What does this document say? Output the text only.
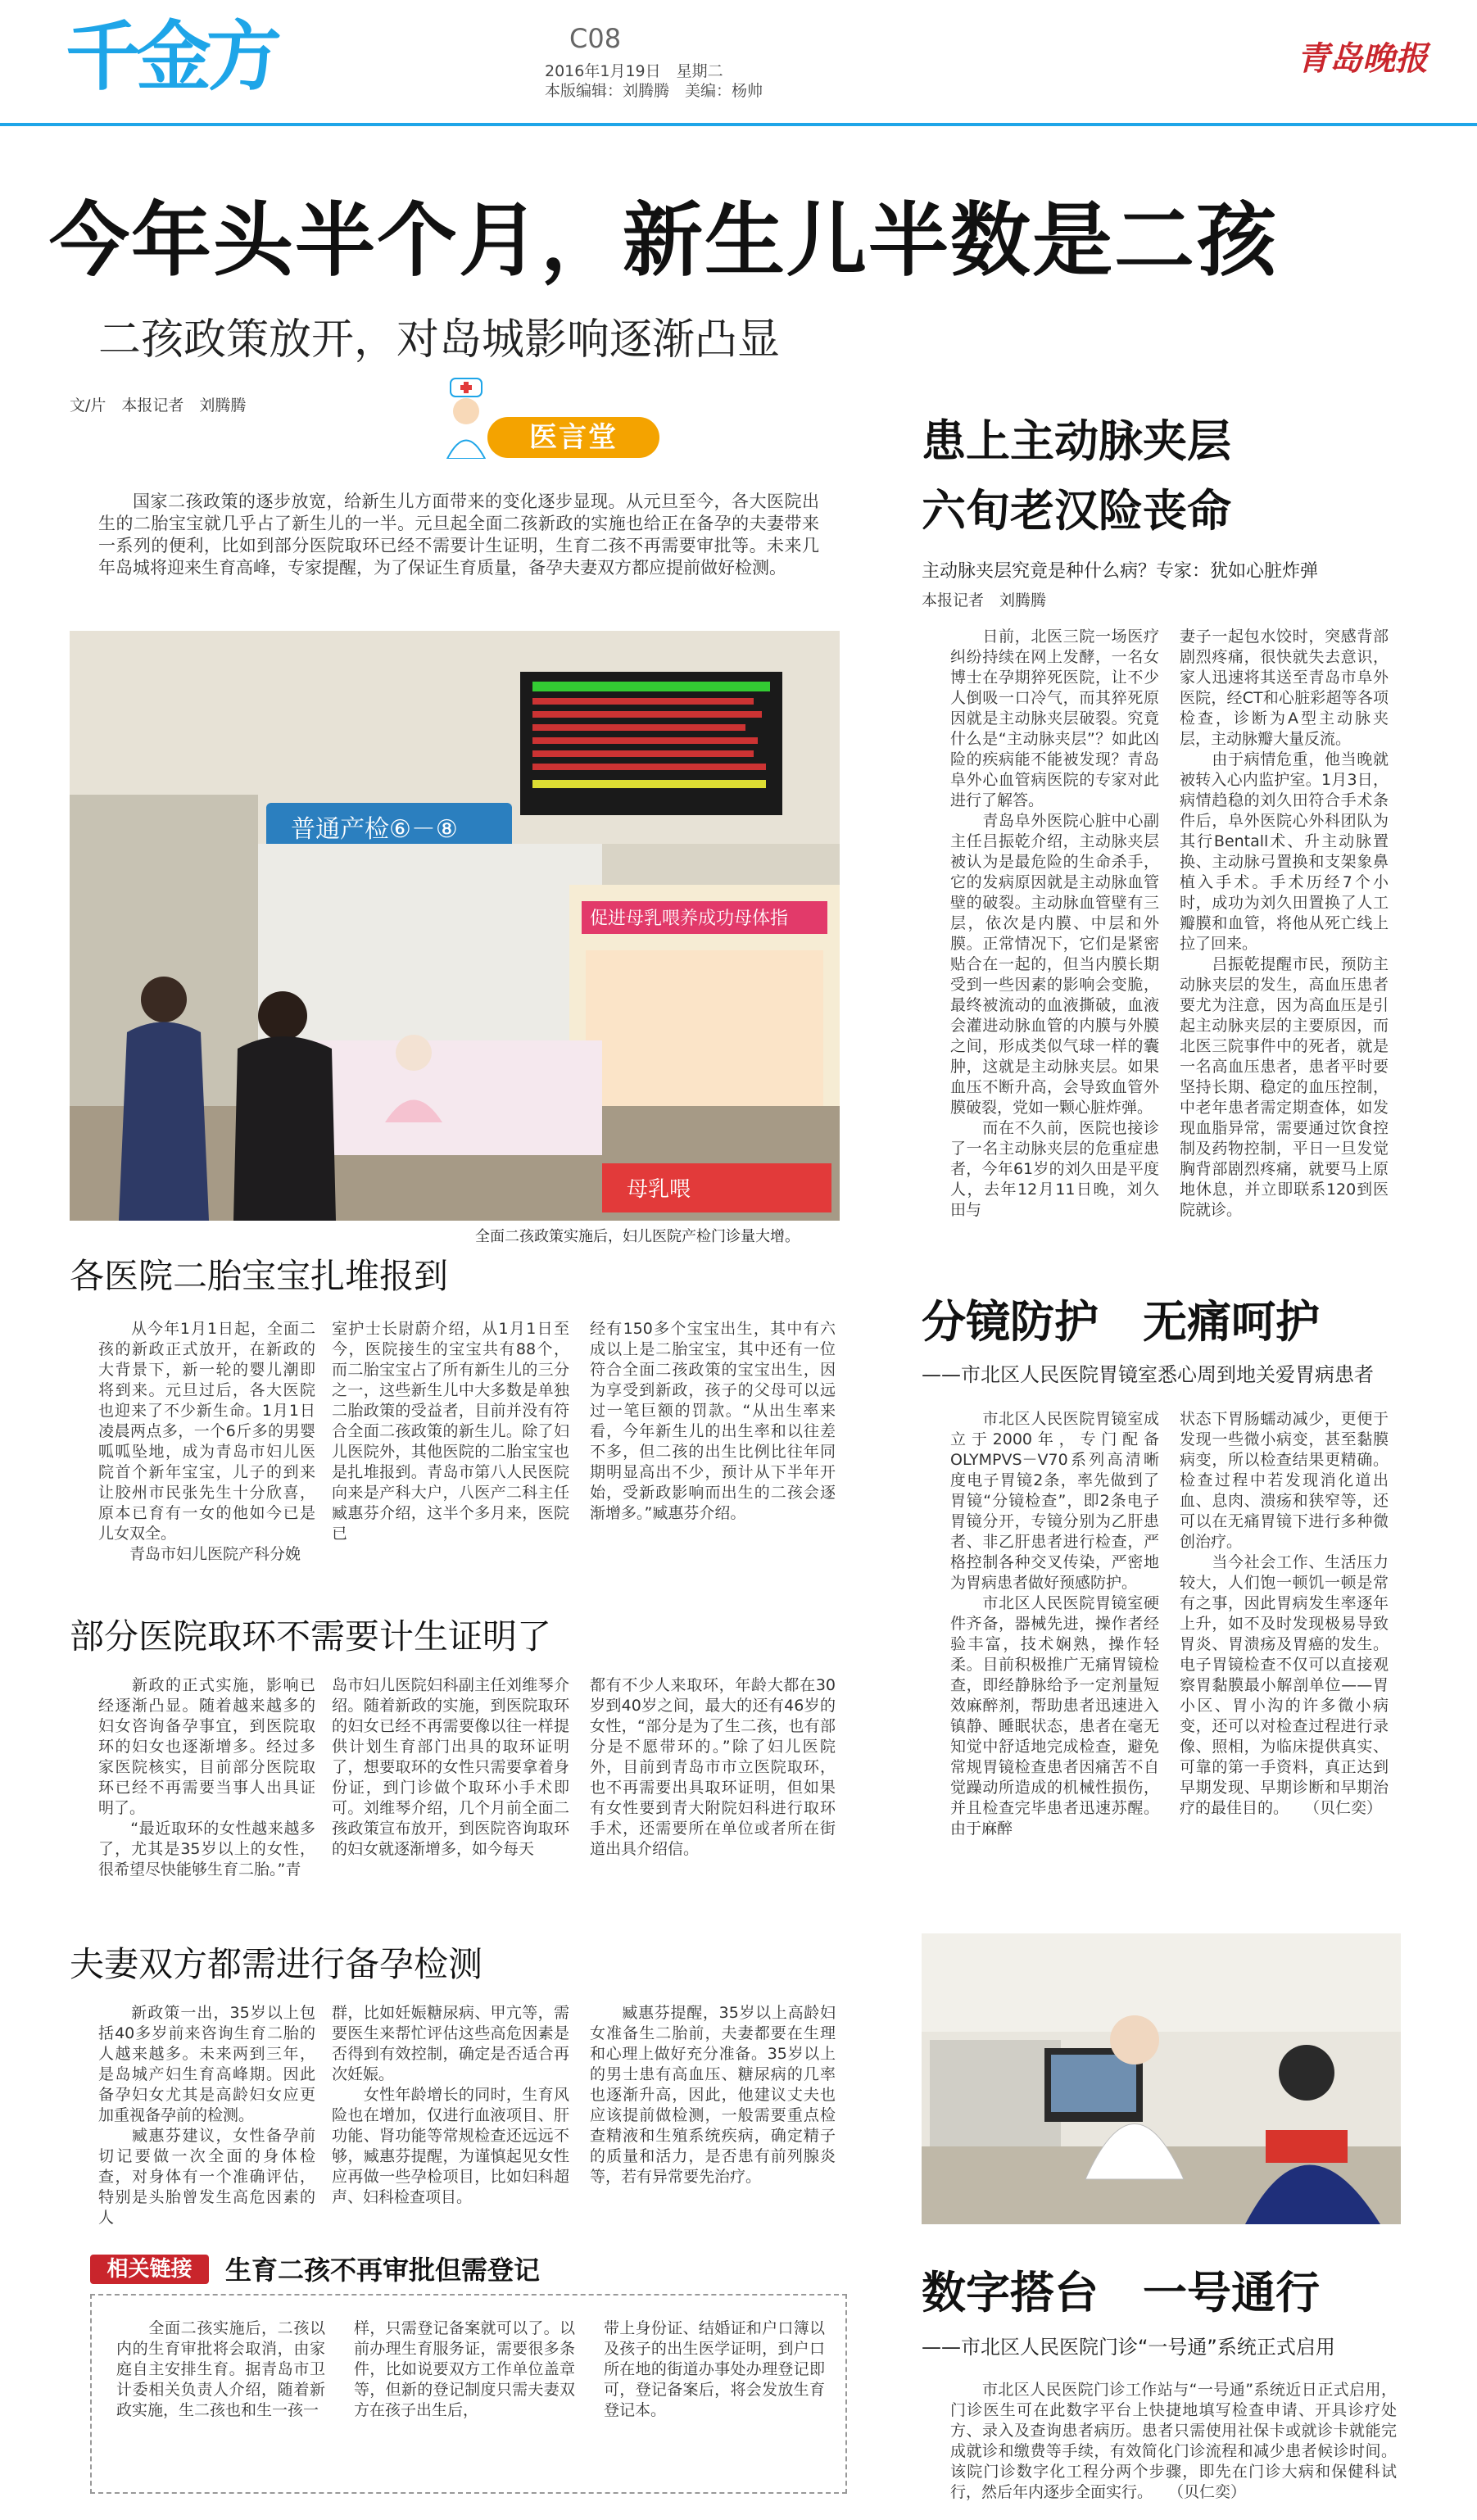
千金方	C08
2016年1月19日　星期二
本版编辑：刘腾腾　美编：杨帅
青岛晚报
今年头半个月，新生儿半数是二孩
二孩政策放开，对岛城影响逐渐凸显
文/片　本报记者　刘腾腾
医言堂

国家二孩政策的逐步放宽，给新生儿方面带来的变化逐步显现。从元旦至今，各大医院出生的二胎宝宝就几乎占了新生儿的一半。元旦起全面二孩新政的实施也给正在备孕的夫妻带来一系列的便利，比如到部分医院取环已经不需要计生证明，生育二孩不再需要审批等。未来几年岛城将迎来生育高峰，专家提醒，为了保证生育质量，备孕夫妻双方都应提前做好检测。

普通产检⑥－⑧
促进母乳喂养成功母体指
母乳喂
全面二孩政策实施后，妇儿医院产检门诊量大增。
各医院二胎宝宝扎堆报到

　　从今年1月1日起，全面二孩的新政正式放开，在新政的大背景下，新一轮的婴儿潮即将到来。元旦过后，各大医院也迎来了不少新生命。1月1日凌晨两点多，一个6斤多的男婴呱呱坠地，成为青岛市妇儿医院首个新年宝宝，儿子的到来让胶州市民张先生十分欣喜，原本已育有一女的他如今已是儿女双全。
　　青岛市妇儿医院产科分娩

室护士长尉蔚介绍，从1月1日至今，医院接生的宝宝共有88个，而二胎宝宝占了所有新生儿的三分之一，这些新生儿中大多数是单独二胎政策的受益者，目前并没有符合全面二孩政策的新生儿。除了妇儿医院外，其他医院的二胎宝宝也是扎堆报到。青岛市第八人民医院向来是产科大户，八医产二科主任臧惠芬介绍，这半个多月来，医院已

经有150多个宝宝出生，其中有六成以上是二胎宝宝，其中还有一位符合全面二孩政策的宝宝出生，因为享受到新政，孩子的父母可以远过一笔巨额的罚款。“从出生率来看，今年新生儿的出生率和以往差不多，但二孩的出生比例比往年同期明显高出不少，预计从下半年开始，受新政影响而出生的二孩会逐渐增多。”臧惠芬介绍。

部分医院取环不需要计生证明了

　　新政的正式实施，影响已经逐渐凸显。随着越来越多的妇女咨询备孕事宜，到医院取环的妇女也逐渐增多。经过多家医院核实，目前部分医院取环已经不再需要当事人出具证明了。
　　“最近取环的女性越来越多了，尤其是35岁以上的女性，很希望尽快能够生育二胎。”青

岛市妇儿医院妇科副主任刘维琴介绍。随着新政的实施，到医院取环的妇女已经不再需要像以往一样提供计划生育部门出具的取环证明了，想要取环的女性只需要拿着身份证，到门诊做个取环小手术即可。刘维琴介绍，几个月前全面二孩政策宣布放开，到医院咨询取环的妇女就逐渐增多，如今每天

都有不少人来取环，年龄大都在30岁到40岁之间，最大的还有46岁的女性，“部分是为了生二孩，也有部分是不愿带环的。”除了妇儿医院外，目前到青岛市市立医院取环，也不再需要出具取环证明，但如果有女性要到青大附院妇科进行取环手术，还需要所在单位或者所在街道出具介绍信。

夫妻双方都需进行备孕检测

　　新政策一出，35岁以上包括40多岁前来咨询生育二胎的人越来越多。未来两到三年，是岛城产妇生育高峰期。因此备孕妇女尤其是高龄妇女应更加重视备孕前的检测。
　　臧惠芬建议，女性备孕前切记要做一次全面的身体检查，对身体有一个准确评估，特别是头胎曾发生高危因素的人

群，比如妊娠糖尿病、甲亢等，需要医生来帮忙评估这些高危因素是否得到有效控制，确定是否适合再次妊娠。
　　女性年龄增长的同时，生育风险也在增加，仅进行血液项目、肝功能、肾功能等常规检查还远远不够，臧惠芬提醒，为谨慎起见女性应再做一些孕检项目，比如妇科超声、妇科检查项目。

　　臧惠芬提醒，35岁以上高龄妇女准备生二胎前，夫妻都要在生理和心理上做好充分准备。35岁以上的男士患有高血压、糖尿病的几率也逐渐升高，因此，他建议丈夫也应该提前做检测，一般需要重点检查精液和生殖系统疾病，确定精子的质量和活力，是否患有前列腺炎等，若有异常要先治疗。

相关链接	生育二孩不再审批但需登记

　　全面二孩实施后，二孩以内的生育审批将会取消，由家庭自主安排生育。据青岛市卫计委相关负责人介绍，随着新政实施，生二孩也和生一孩一

样，只需登记备案就可以了。以前办理生育服务证，需要很多条件，比如说要双方工作单位盖章等，但新的登记制度只需夫妻双方在孩子出生后，

带上身份证、结婚证和户口簿以及孩子的出生医学证明，到户口所在地的街道办事处办理登记即可，登记备案后，将会发放生育登记本。

患上主动脉夹层
六旬老汉险丧命
主动脉夹层究竟是种什么病？专家：犹如心脏炸弹
本报记者　刘腾腾

　　日前，北医三院一场医疗纠纷持续在网上发酵，一名女博士在孕期猝死医院，让不少人倒吸一口冷气，而其猝死原因就是主动脉夹层破裂。究竟什么是“主动脉夹层”？如此凶险的疾病能不能被发现？青岛阜外心血管病医院的专家对此进行了解答。
　　青岛阜外医院心脏中心副主任吕振乾介绍，主动脉夹层被认为是最危险的生命杀手，它的发病原因就是主动脉血管壁的破裂。主动脉血管壁有三层，依次是内膜、中层和外膜。正常情况下，它们是紧密贴合在一起的，但当内膜长期受到一些因素的影响会变脆，最终被流动的血液撕破，血液会灌进动脉血管的内膜与外膜之间，形成类似气球一样的囊肿，这就是主动脉夹层。如果血压不断升高，会导致血管外膜破裂，党如一颗心脏炸弹。
　　而在不久前，医院也接诊了一名主动脉夹层的危重症患者，今年61岁的刘久田是平度人，去年12月11日晚，刘久田与

妻子一起包水饺时，突感背部剧烈疼痛，很快就失去意识，家人迅速将其送至青岛市阜外医院，经CT和心脏彩超等各项检查，诊断为A型主动脉夹层，主动脉瓣大量反流。
　　由于病情危重，他当晚就被转入心内监护室。1月3日，病情趋稳的刘久田符合手术条件后，阜外医院心外科团队为其行Bentall术、升主动脉置换、主动脉弓置换和支架象鼻植入手术。手术历经7个小时，成功为刘久田置换了人工瓣膜和血管，将他从死亡线上拉了回来。
　　吕振乾提醒市民，预防主动脉夹层的发生，高血压患者要尤为注意，因为高血压是引起主动脉夹层的主要原因，而北医三院事件中的死者，就是一名高血压患者，患者平时要坚持长期、稳定的血压控制，中老年患者需定期查体，如发现血脂异常，需要通过饮食控制及药物控制，平日一旦发觉胸背部剧烈疼痛，就要马上原地休息，并立即联系120到医院就诊。

分镜防护　无痛呵护
——市北区人民医院胃镜室悉心周到地关爱胃病患者

　　市北区人民医院胃镜室成立于2000年，专门配备OLYMPVS－V70系列高清晰度电子胃镜2条，率先做到了胃镜“分镜检查”，即2条电子胃镜分开，专镜分别为乙肝患者、非乙肝患者进行检查，严格控制各种交叉传染，严密地为胃病患者做好预感防护。
　　市北区人民医院胃镜室硬件齐备，器械先进，操作者经验丰富，技术娴熟，操作轻柔。目前积极推广无痛胃镜检查，即经静脉给予一定剂量短效麻醉剂，帮助患者迅速进入镇静、睡眠状态，患者在毫无知觉中舒适地完成检查，避免常规胃镜检查患者因痛苦不自觉躁动所造成的机械性损伤，并且检查完毕患者迅速苏醒。由于麻醉

状态下胃肠蠕动减少，更便于发现一些微小病变，甚至黏膜病变，所以检查结果更精确。检查过程中若发现消化道出血、息肉、溃疡和狭窄等，还可以在无痛胃镜下进行多种微创治疗。
　　当今社会工作、生活压力较大，人们饱一顿饥一顿是常有之事，因此胃病发生率逐年上升，如不及时发现极易导致胃炎、胃溃疡及胃癌的发生。电子胃镜检查不仅可以直接观察胃黏膜最小解剖单位——胃小区、胃小沟的许多微小病变，还可以对检查过程进行录像、照相，为临床提供真实、可靠的第一手资料，真正达到早期发现、早期诊断和早期治疗的最佳目的。　　（贝仁奕）

数字搭台　一号通行
——市北区人民医院门诊“一号通”系统正式启用

　　市北区人民医院门诊工作站与“一号通”系统近日正式启用，门诊医生可在此数字平台上快捷地填写检查申请、开具诊疗处方、录入及查询患者病历。患者只需使用社保卡或就诊卡就能完成就诊和缴费等手续，有效简化门诊流程和减少患者候诊时间。该院门诊数字化工程分两个步骤，即先在门诊大病和保健科试行，然后年内逐步全面实行。　　（贝仁奕）
